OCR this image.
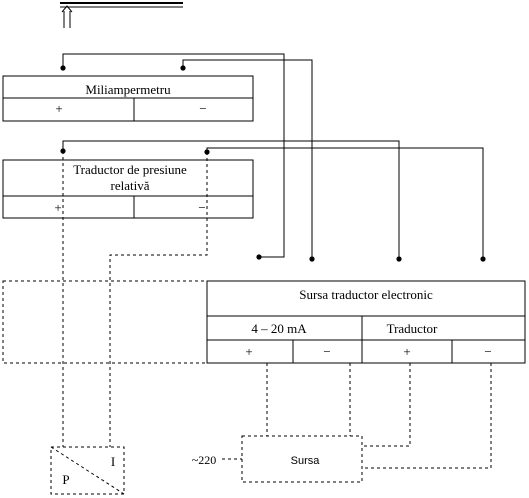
Miliampermetru
+	−
Traductor de presiune
relativă
+	−
Sursa traductor electronic
4 – 20 mA	Traductor
+	−	+	−
P
I	Sursa
~220
